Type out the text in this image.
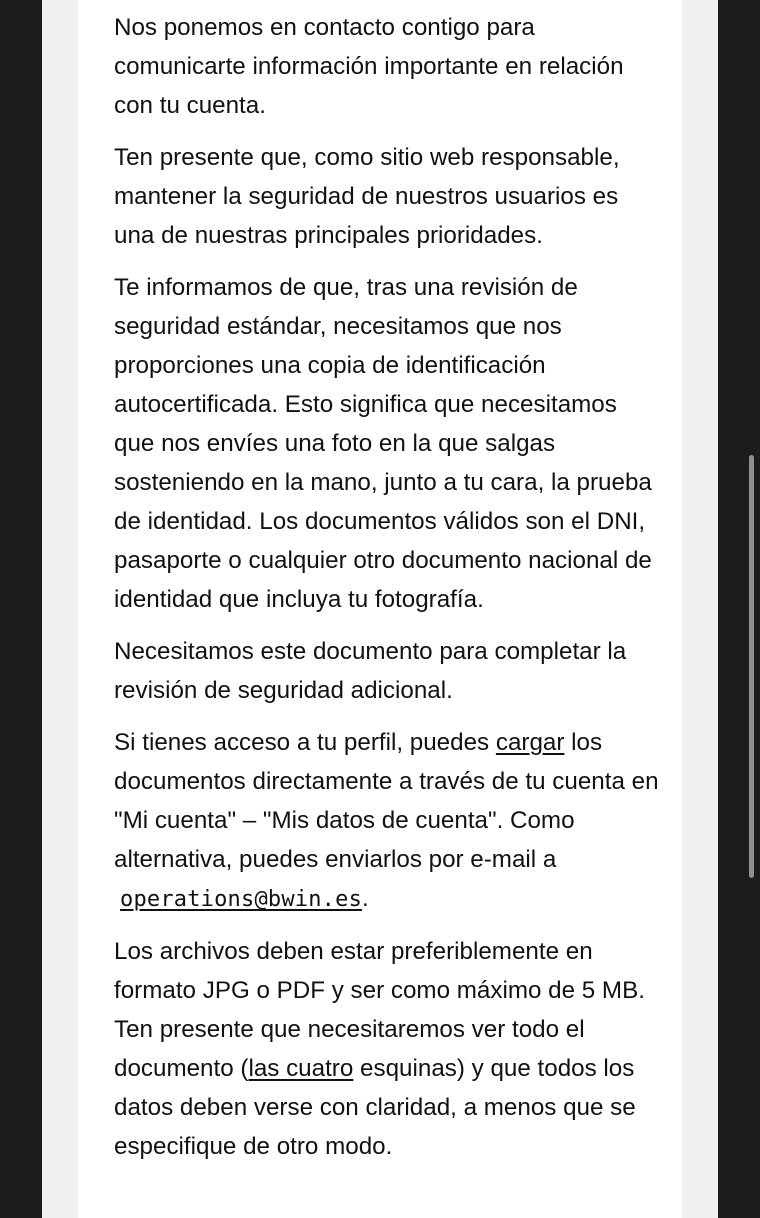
Nos ponemos en contacto contigo para comunicarte información importante en relación con tu cuenta.

Ten presente que, como sitio web responsable, mantener la seguridad de nuestros usuarios es una de nuestras principales prioridades.

Te informamos de que, tras una revisión de seguridad estándar, necesitamos que nos proporciones una copia de identificación autocertificada. Esto significa que necesitamos que nos envíes una foto en la que salgas sosteniendo en la mano, junto a tu cara, la prueba de identidad. Los documentos válidos son el DNI, pasaporte o cualquier otro documento nacional de identidad que incluya tu fotografía.

Necesitamos este documento para completar la revisión de seguridad adicional.

Si tienes acceso a tu perfil, puedes cargar los documentos directamente a través de tu cuenta en "Mi cuenta" – "Mis datos de cuenta". Como alternativa, puedes enviarlos por e-mail a
operations@bwin.es.

Los archivos deben estar preferiblemente en formato JPG o PDF y ser como máximo de 5 MB. Ten presente que necesitaremos ver todo el documento (las cuatro esquinas) y que todos los datos deben verse con claridad, a menos que se especifique de otro modo.
